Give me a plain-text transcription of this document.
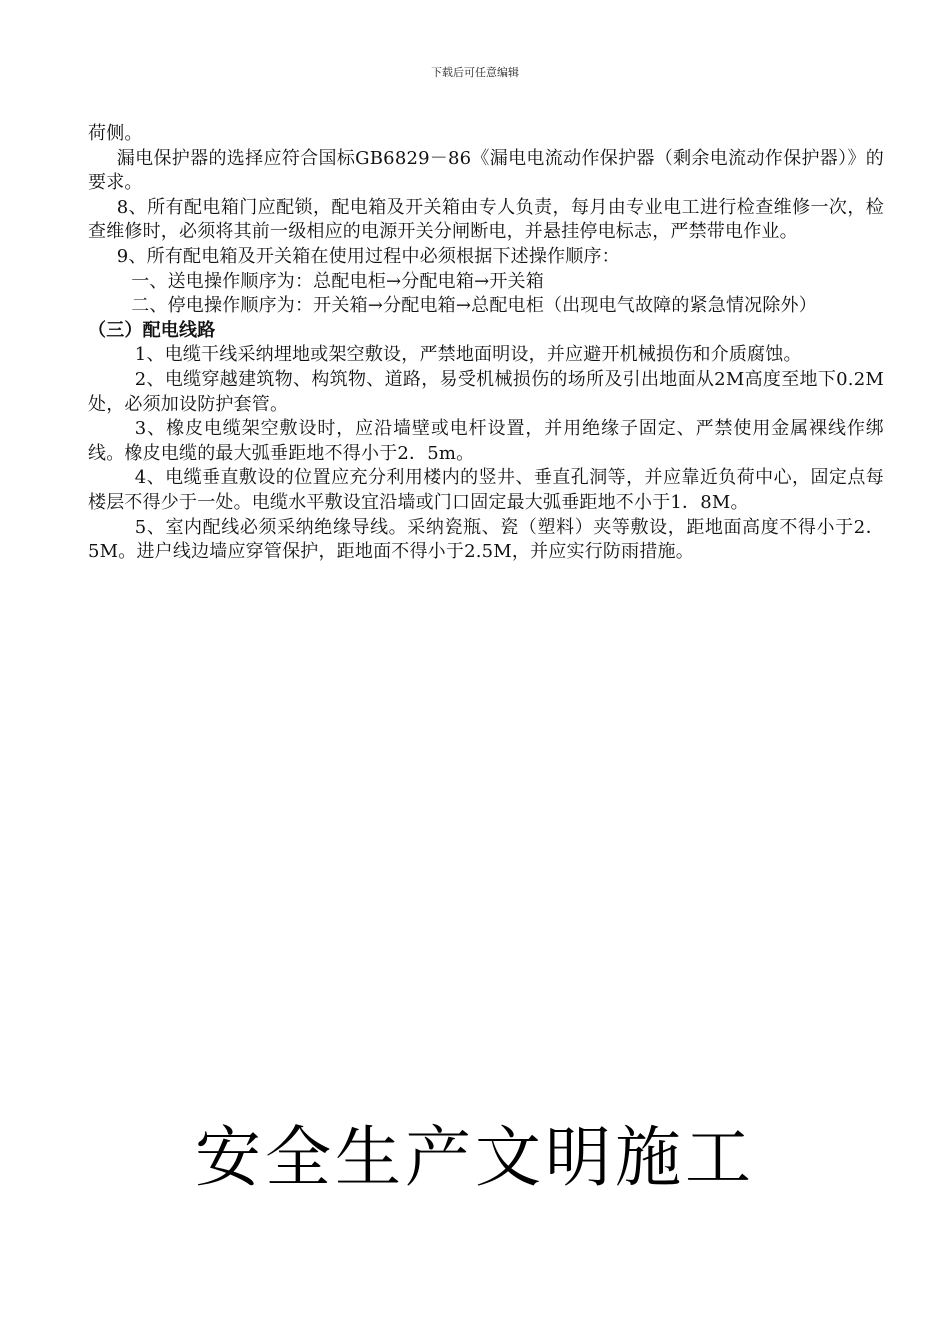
下载后可任意编辑

荷侧。

漏电保护器的选择应符合国标GB6829－86《漏电电流动作保护器（剩余电流动作保护器）》的要求。

8、所有配电箱门应配锁，配电箱及开关箱由专人负责，每月由专业电工进行检查维修一次，检查维修时，必须将其前一级相应的电源开关分闸断电，并悬挂停电标志，严禁带电作业。

9、所有配电箱及开关箱在使用过程中必须根据下述操作顺序：

一、送电操作顺序为：总配电柜→分配电箱→开关箱

二、停电操作顺序为：开关箱→分配电箱→总配电柜（出现电气故障的紧急情况除外）

（三）配电线路

1、电缆干线采纳埋地或架空敷设，严禁地面明设，并应避开机械损伤和介质腐蚀。

2、电缆穿越建筑物、构筑物、道路，易受机械损伤的场所及引出地面从2M高度至地下0.2M处，必须加设防护套管。

3、橡皮电缆架空敷设时，应沿墙壁或电杆设置，并用绝缘子固定、严禁使用金属裸线作绑线。橡皮电缆的最大弧垂距地不得小于2．5m。

4、电缆垂直敷设的位置应充分利用楼内的竖井、垂直孔洞等，并应靠近负荷中心，固定点每楼层不得少于一处。电缆水平敷设宜沿墙或门口固定最大弧垂距地不小于1．8M。

5、室内配线必须采纳绝缘导线。采纳瓷瓶、瓷（塑料）夹等敷设，距地面高度不得小于2．5M。进户线边墙应穿管保护，距地面不得小于2.5M，并应实行防雨措施。

安全生产文明施工
